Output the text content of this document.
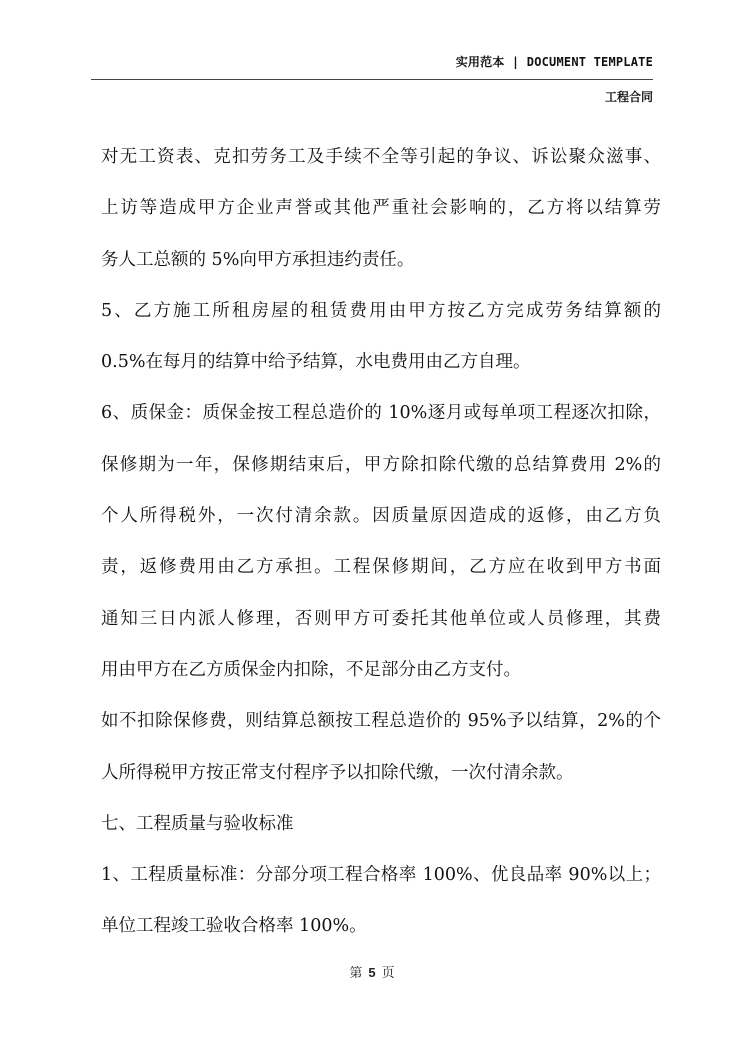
实用范本 | DOCUMENT TEMPLATE
工程合同
对无工资表、克扣劳务工及手续不全等引起的争议、诉讼聚众滋事、
上访等造成甲方企业声誉或其他严重社会影响的，乙方将以结算劳
务人工总额的 5%向甲方承担违约责任。
5、乙方施工所租房屋的租赁费用由甲方按乙方完成劳务结算额的
0.5%在每月的结算中给予结算，水电费用由乙方自理。
6、质保金：质保金按工程总造价的 10%逐月或每单项工程逐次扣除，
保修期为一年，保修期结束后，甲方除扣除代缴的总结算费用 2%的
个人所得税外，一次付清余款。因质量原因造成的返修，由乙方负
责，返修费用由乙方承担。工程保修期间，乙方应在收到甲方书面
通知三日内派人修理，否则甲方可委托其他单位或人员修理，其费
用由甲方在乙方质保金内扣除，不足部分由乙方支付。
如不扣除保修费，则结算总额按工程总造价的 95%予以结算，2%的个
人所得税甲方按正常支付程序予以扣除代缴，一次付清余款。
七、工程质量与验收标准
1、工程质量标准：分部分项工程合格率 100%、优良品率 90%以上；
单位工程竣工验收合格率 100%。
第 5 页
